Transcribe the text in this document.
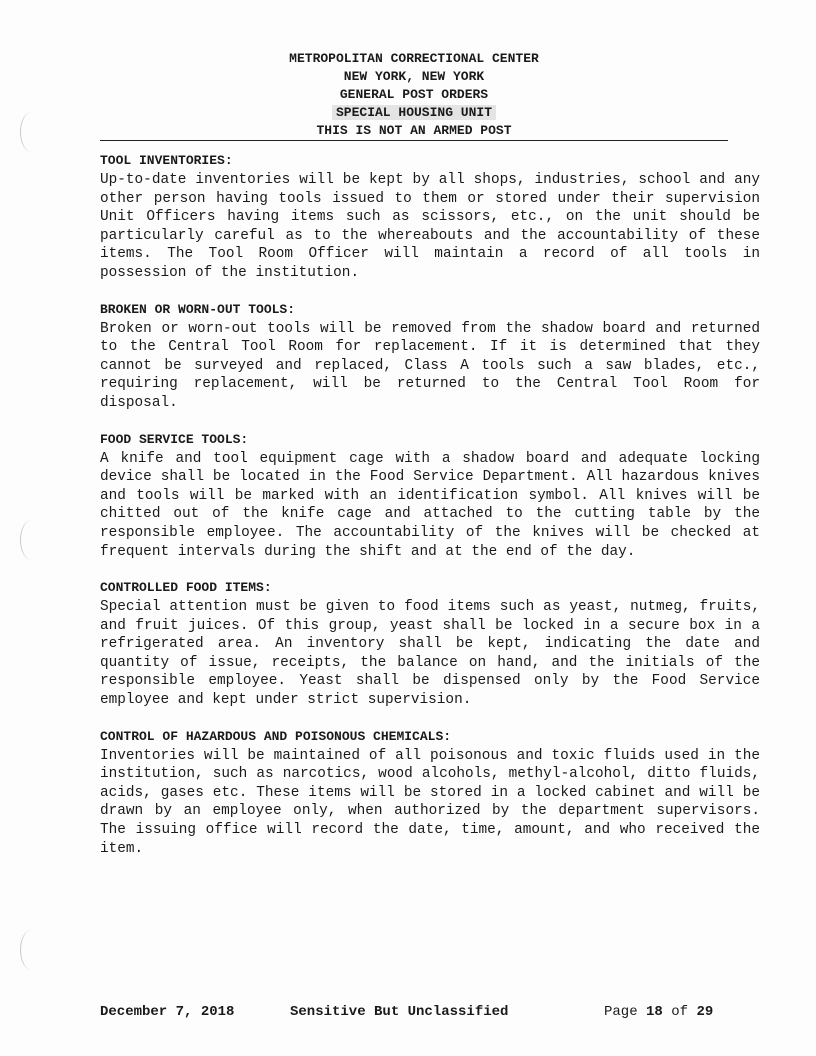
METROPOLITAN CORRECTIONAL CENTER
NEW YORK, NEW YORK
GENERAL POST ORDERS
SPECIAL HOUSING UNIT
THIS IS NOT AN ARMED POST
TOOL INVENTORIES:

Up-to-date inventories will be kept by all shops, industries, school and any other person having tools issued to them or stored under their supervision Unit Officers having items such as scissors, etc., on the unit should be particularly careful as to the whereabouts and the accountability of these items. The Tool Room Officer will maintain a record of all tools in possession of the institution.

BROKEN OR WORN-OUT TOOLS:

Broken or worn-out tools will be removed from the shadow board and returned to the Central Tool Room for replacement. If it is determined that they cannot be surveyed and replaced, Class A tools such a saw blades, etc., requiring replacement, will be returned to the Central Tool Room for disposal.

FOOD SERVICE TOOLS:

A knife and tool equipment cage with a shadow board and adequate locking device shall be located in the Food Service Department. All hazardous knives and tools will be marked with an identification symbol. All knives will be chitted out of the knife cage and attached to the cutting table by the responsible employee. The accountability of the knives will be checked at frequent intervals during the shift and at the end of the day.

CONTROLLED FOOD ITEMS:

Special attention must be given to food items such as yeast, nutmeg, fruits, and fruit juices. Of this group, yeast shall be locked in a secure box in a refrigerated area. An inventory shall be kept, indicating the date and quantity of issue, receipts, the balance on hand, and the initials of the responsible employee. Yeast shall be dispensed only by the Food Service employee and kept under strict supervision.

CONTROL OF HAZARDOUS AND POISONOUS CHEMICALS:

Inventories will be maintained of all poisonous and toxic fluids used in the institution, such as narcotics, wood alcohols, methyl-alcohol, ditto fluids, acids, gases etc. These items will be stored in a locked cabinet and will be drawn by an employee only, when authorized by the department supervisors. The issuing office will record the date, time, amount, and who received the item.

December 7, 2018	Sensitive But Unclassified	Page 18 of 29
